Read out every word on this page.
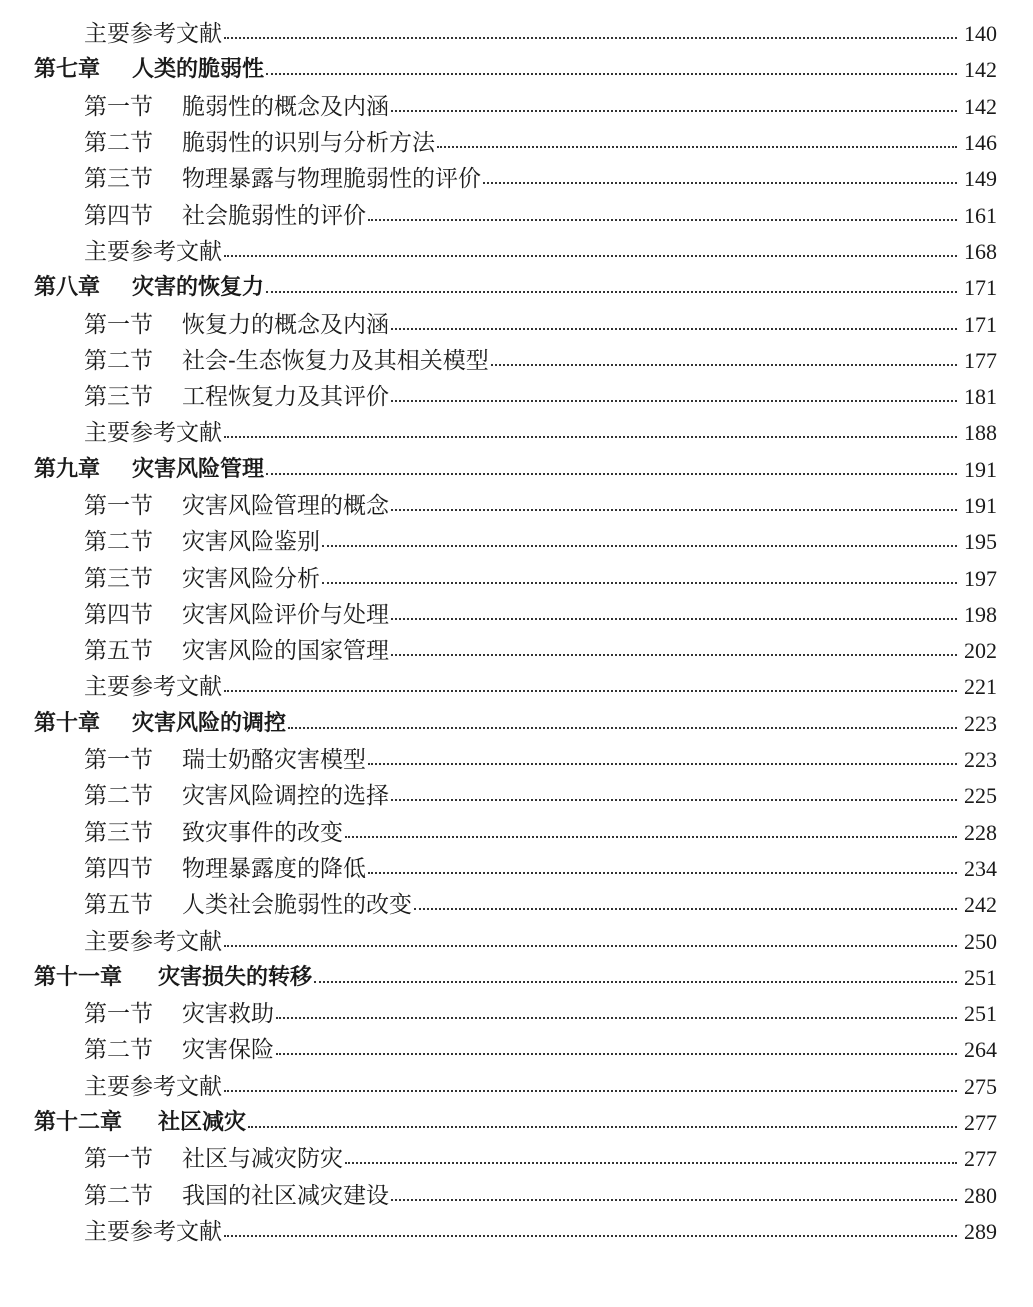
主要参考文献	140
第七章	人类的脆弱性	142
第一节	脆弱性的概念及内涵	142
第二节	脆弱性的识别与分析方法	146
第三节	物理暴露与物理脆弱性的评价	149
第四节	社会脆弱性的评价	161
主要参考文献	168
第八章	灾害的恢复力	171
第一节	恢复力的概念及内涵	171
第二节	社会-生态恢复力及其相关模型	177
第三节	工程恢复力及其评价	181
主要参考文献	188
第九章	灾害风险管理	191
第一节	灾害风险管理的概念	191
第二节	灾害风险鉴别	195
第三节	灾害风险分析	197
第四节	灾害风险评价与处理	198
第五节	灾害风险的国家管理	202
主要参考文献	221
第十章	灾害风险的调控	223
第一节	瑞士奶酪灾害模型	223
第二节	灾害风险调控的选择	225
第三节	致灾事件的改变	228
第四节	物理暴露度的降低	234
第五节	人类社会脆弱性的改变	242
主要参考文献	250
第十一章	灾害损失的转移	251
第一节	灾害救助	251
第二节	灾害保险	264
主要参考文献	275
第十二章	社区减灾	277
第一节	社区与减灾防灾	277
第二节	我国的社区减灾建设	280
主要参考文献	289
